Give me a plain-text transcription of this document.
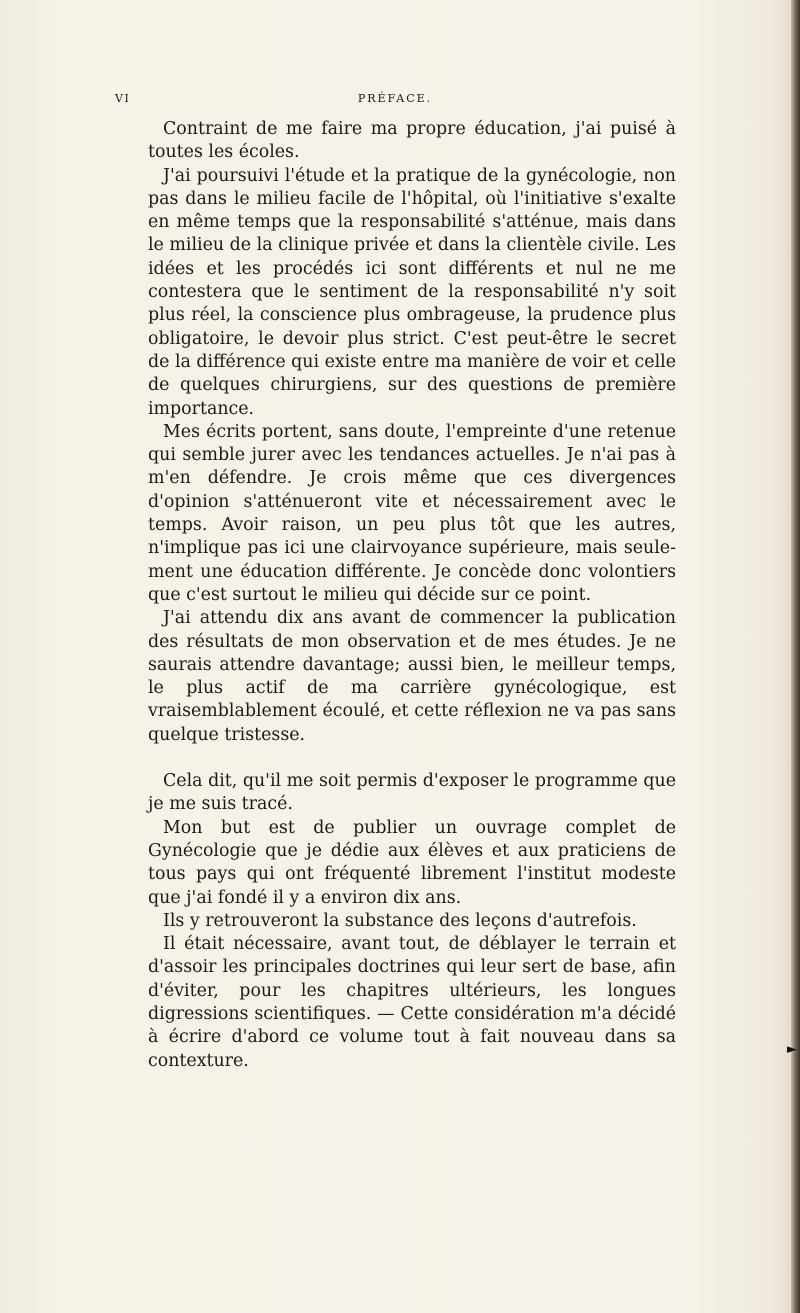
VI	PRÉFACE.

Contraint de me faire ma propre éducation, j'ai puisé à toutes les écoles.

J'ai poursuivi l'étude et la pratique de la gynécologie, non pas dans le milieu facile de l'hôpital, où l'initiative s'exalte en même temps que la responsabilité s'atténue, mais dans le milieu de la clinique privée et dans la clientèle civile. Les idées et les procédés ici sont différents et nul ne me contestera que le sentiment de la responsabilité n'y soit plus réel, la conscience plus ombrageuse, la prudence plus obligatoire, le devoir plus strict. C'est peut-être le secret de la différence qui existe entre ma manière de voir et celle de quelques chirurgiens, sur des questions de première importance.

Mes écrits portent, sans doute, l'empreinte d'une retenue qui semble jurer avec les tendances actuelles. Je n'ai pas à m'en défendre. Je crois même que ces divergences d'opinion s'atténueront vite et nécessairement avec le temps. Avoir raison, un peu plus tôt que les autres, n'implique pas ici une clairvoyance supérieure, mais seulement une éducation différente. Je concède donc volontiers que c'est surtout le milieu qui décide sur ce point.

J'ai attendu dix ans avant de commencer la publication des résultats de mon observation et de mes études. Je ne saurais attendre davantage; aussi bien, le meilleur temps, le plus actif de ma carrière gynécologique, est vraisemblablement écoulé, et cette réflexion ne va pas sans quelque tristesse.

Cela dit, qu'il me soit permis d'exposer le programme que je me suis tracé.

Mon but est de publier un ouvrage complet de Gynécologie que je dédie aux élèves et aux praticiens de tous pays qui ont fréquenté librement l'institut modeste que j'ai fondé il y a environ dix ans.

Ils y retrouveront la substance des leçons d'autrefois.

Il était nécessaire, avant tout, de déblayer le terrain et d'assoir les principales doctrines qui leur sert de base, afin d'éviter, pour les chapitres ultérieurs, les longues digressions scientifiques. — Cette considération m'a décidé à écrire d'abord ce volume tout à fait nouveau dans sa contexture.

►
